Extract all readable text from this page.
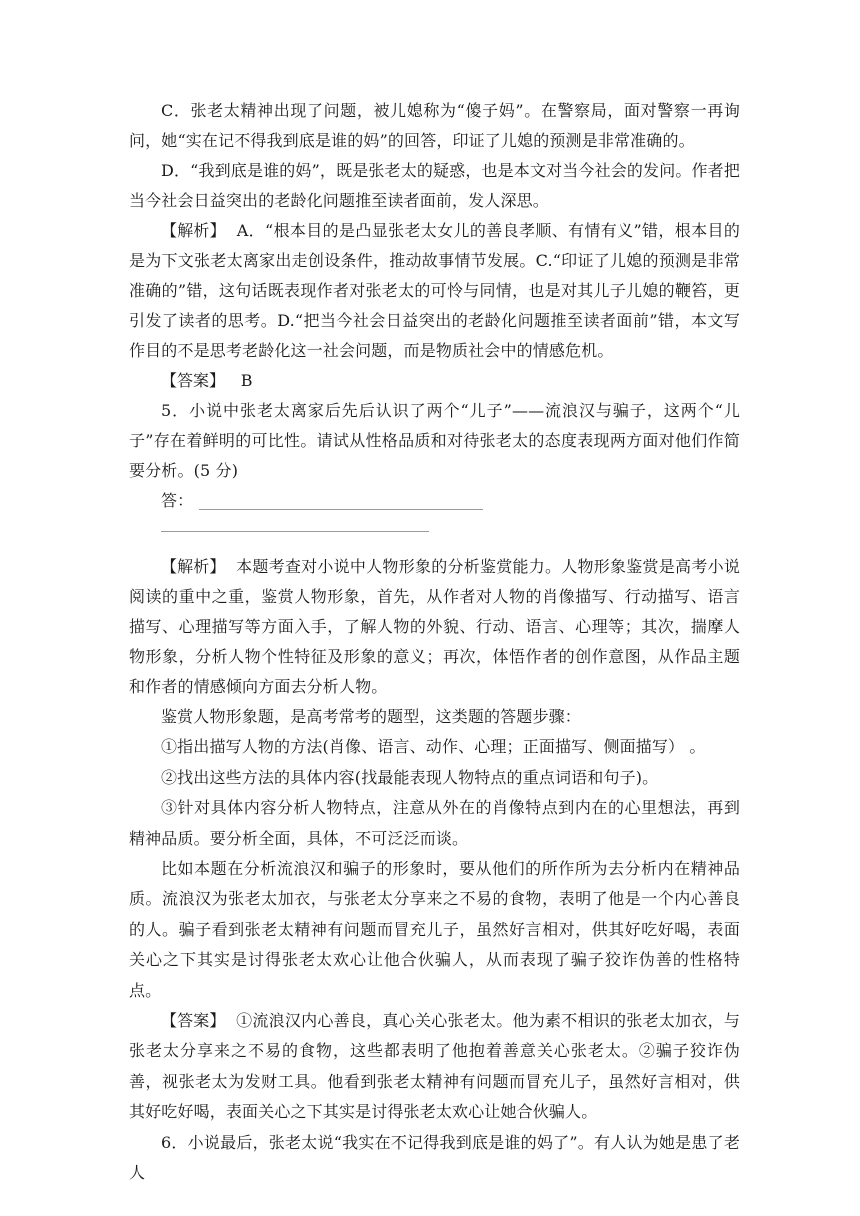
C．张老太精神出现了问题，被儿媳称为“傻子妈”。在警察局，面对警察一再询问，她“实在记不得我到底是谁的妈”的回答，印证了儿媳的预测是非常准确的。

D．“我到底是谁的妈”，既是张老太的疑惑，也是本文对当今社会的发问。作者把当今社会日益突出的老龄化问题推至读者面前，发人深思。

【解析】 A．“根本目的是凸显张老太女儿的善良孝顺、有情有义”错，根本目的是为下文张老太离家出走创设条件，推动故事情节发展。C.“印证了儿媳的预测是非常准确的”错，这句话既表现作者对张老太的可怜与同情，也是对其儿子儿媳的鞭笞，更引发了读者的思考。D.“把当今社会日益突出的老龄化问题推至读者面前”错，本文写作目的不是思考老龄化这一社会问题，而是物质社会中的情感危机。

【答案】 B

5．小说中张老太离家后先后认识了两个“儿子”——流浪汉与骗子，这两个“儿子”存在着鲜明的可比性。请试从性格品质和对待张老太的态度表现两方面对他们作简要分析。(5 分)

答：

【解析】 本题考查对小说中人物形象的分析鉴赏能力。人物形象鉴赏是高考小说阅读的重中之重，鉴赏人物形象，首先，从作者对人物的肖像描写、行动描写、语言描写、心理描写等方面入手，了解人物的外貌、行动、语言、心理等；其次，揣摩人物形象，分析人物个性特征及形象的意义；再次，体悟作者的创作意图，从作品主题和作者的情感倾向方面去分析人物。

鉴赏人物形象题，是高考常考的题型，这类题的答题步骤：

①指出描写人物的方法(肖像、语言、动作、心理；正面描写、侧面描写） 。

②找出这些方法的具体内容(找最能表现人物特点的重点词语和句子)。

③针对具体内容分析人物特点，注意从外在的肖像特点到内在的心里想法，再到精神品质。要分析全面，具体，不可泛泛而谈。

比如本题在分析流浪汉和骗子的形象时，要从他们的所作所为去分析内在精神品质。流浪汉为张老太加衣，与张老太分享来之不易的食物，表明了他是一个内心善良的人。骗子看到张老太精神有问题而冒充儿子，虽然好言相对，供其好吃好喝，表面关心之下其实是讨得张老太欢心让他合伙骗人，从而表现了骗子狡诈伪善的性格特点。

【答案】 ①流浪汉内心善良，真心关心张老太。他为素不相识的张老太加衣，与张老太分享来之不易的食物，这些都表明了他抱着善意关心张老太。②骗子狡诈伪善，视张老太为发财工具。他看到张老太精神有问题而冒充儿子，虽然好言相对，供其好吃好喝，表面关心之下其实是讨得张老太欢心让她合伙骗人。

6．小说最后，张老太说“我实在不记得我到底是谁的妈了”。有人认为她是患了老人
